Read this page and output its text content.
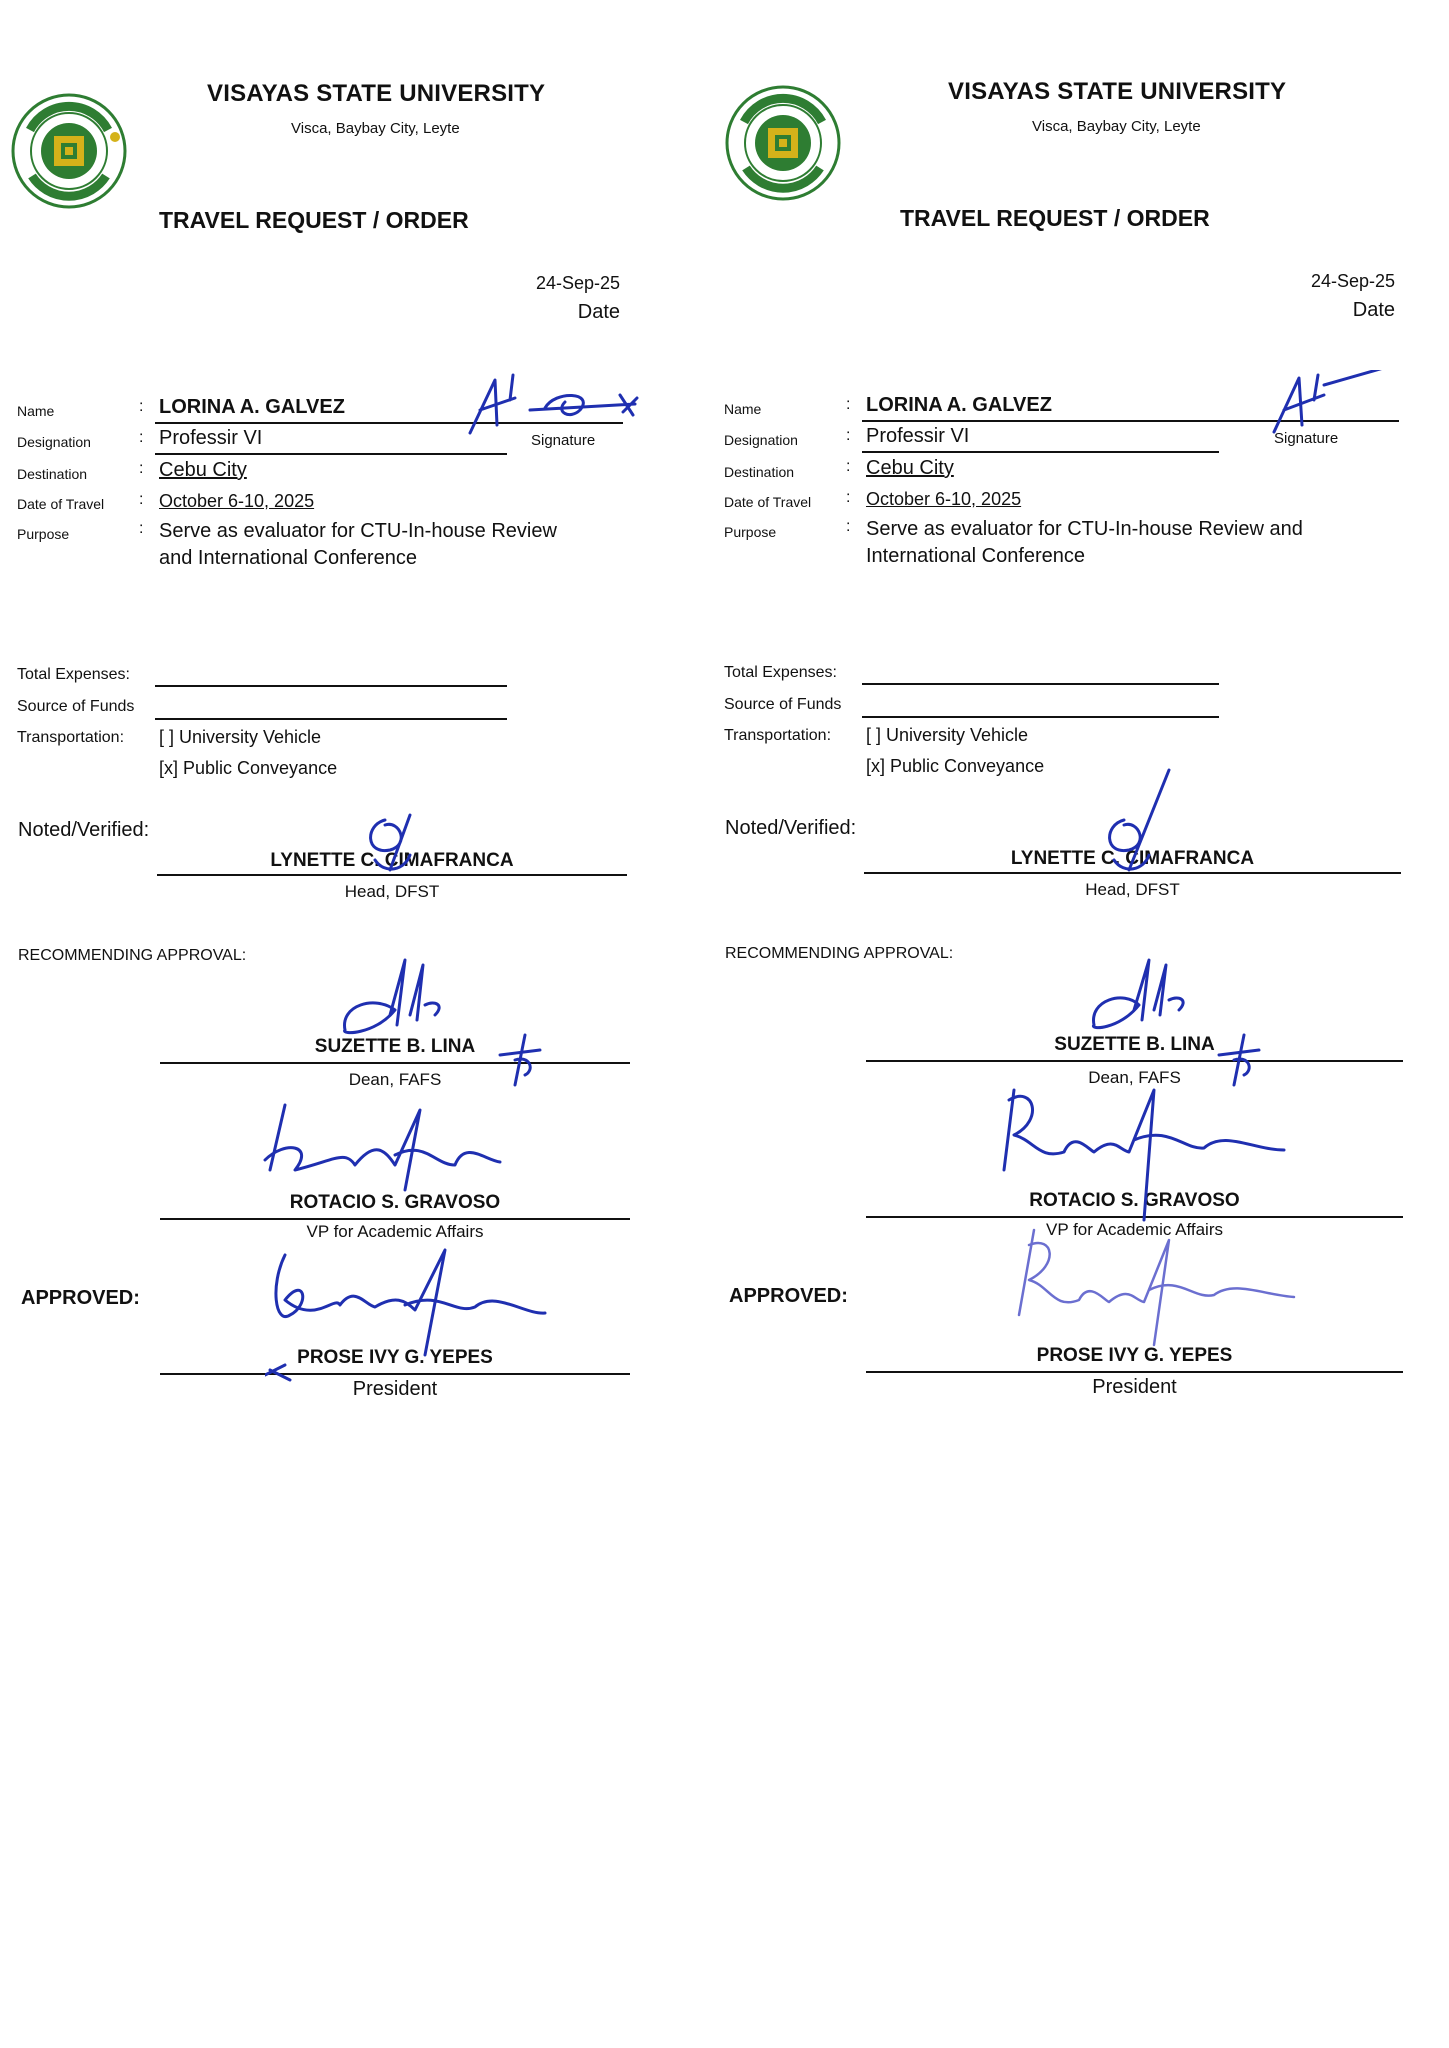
VISAYAS STATE UNIVERSITY
Visca, Baybay City, Leyte
TRAVEL REQUEST / ORDER
24-Sep-25
Date
Name	: LORINA A. GALVEZ
Designation	: Professir VI	Signature
Destination	: Cebu City
Date of Travel : October 6-10, 2025
Purpose	: Serve as evaluator for CTU-In-house Review
and International Conference
Total Expenses:
Source of Funds
Transportation: [ ] University Vehicle
[x] Public Conveyance
Noted/Verified:
LYNETTE C. CIMAFRANCA
Head, DFST
RECOMMENDING APPROVAL:
SUZETTE B. LINA
Dean, FAFS
ROTACIO S. GRAVOSO
VP for Academic Affairs
APPROVED:
PROSE IVY G. YEPES
President
VISAYAS STATE UNIVERSITY
Visca, Baybay City, Leyte
TRAVEL REQUEST / ORDER
24-Sep-25
Date
Name	: LORINA A. GALVEZ
Designation	: Professir VI	Signature
Destination	: Cebu City
Date of Travel : October 6-10, 2025
Purpose	: Serve as evaluator for CTU-In-house Review and
International Conference
Total Expenses:
Source of Funds
Transportation: [ ] University Vehicle
[x] Public Conveyance
Noted/Verified:
LYNETTE C. CIMAFRANCA
Head, DFST
RECOMMENDING APPROVAL:
SUZETTE B. LINA
Dean, FAFS
ROTACIO S. GRAVOSO
VP for Academic Affairs
APPROVED:
PROSE IVY G. YEPES
President
